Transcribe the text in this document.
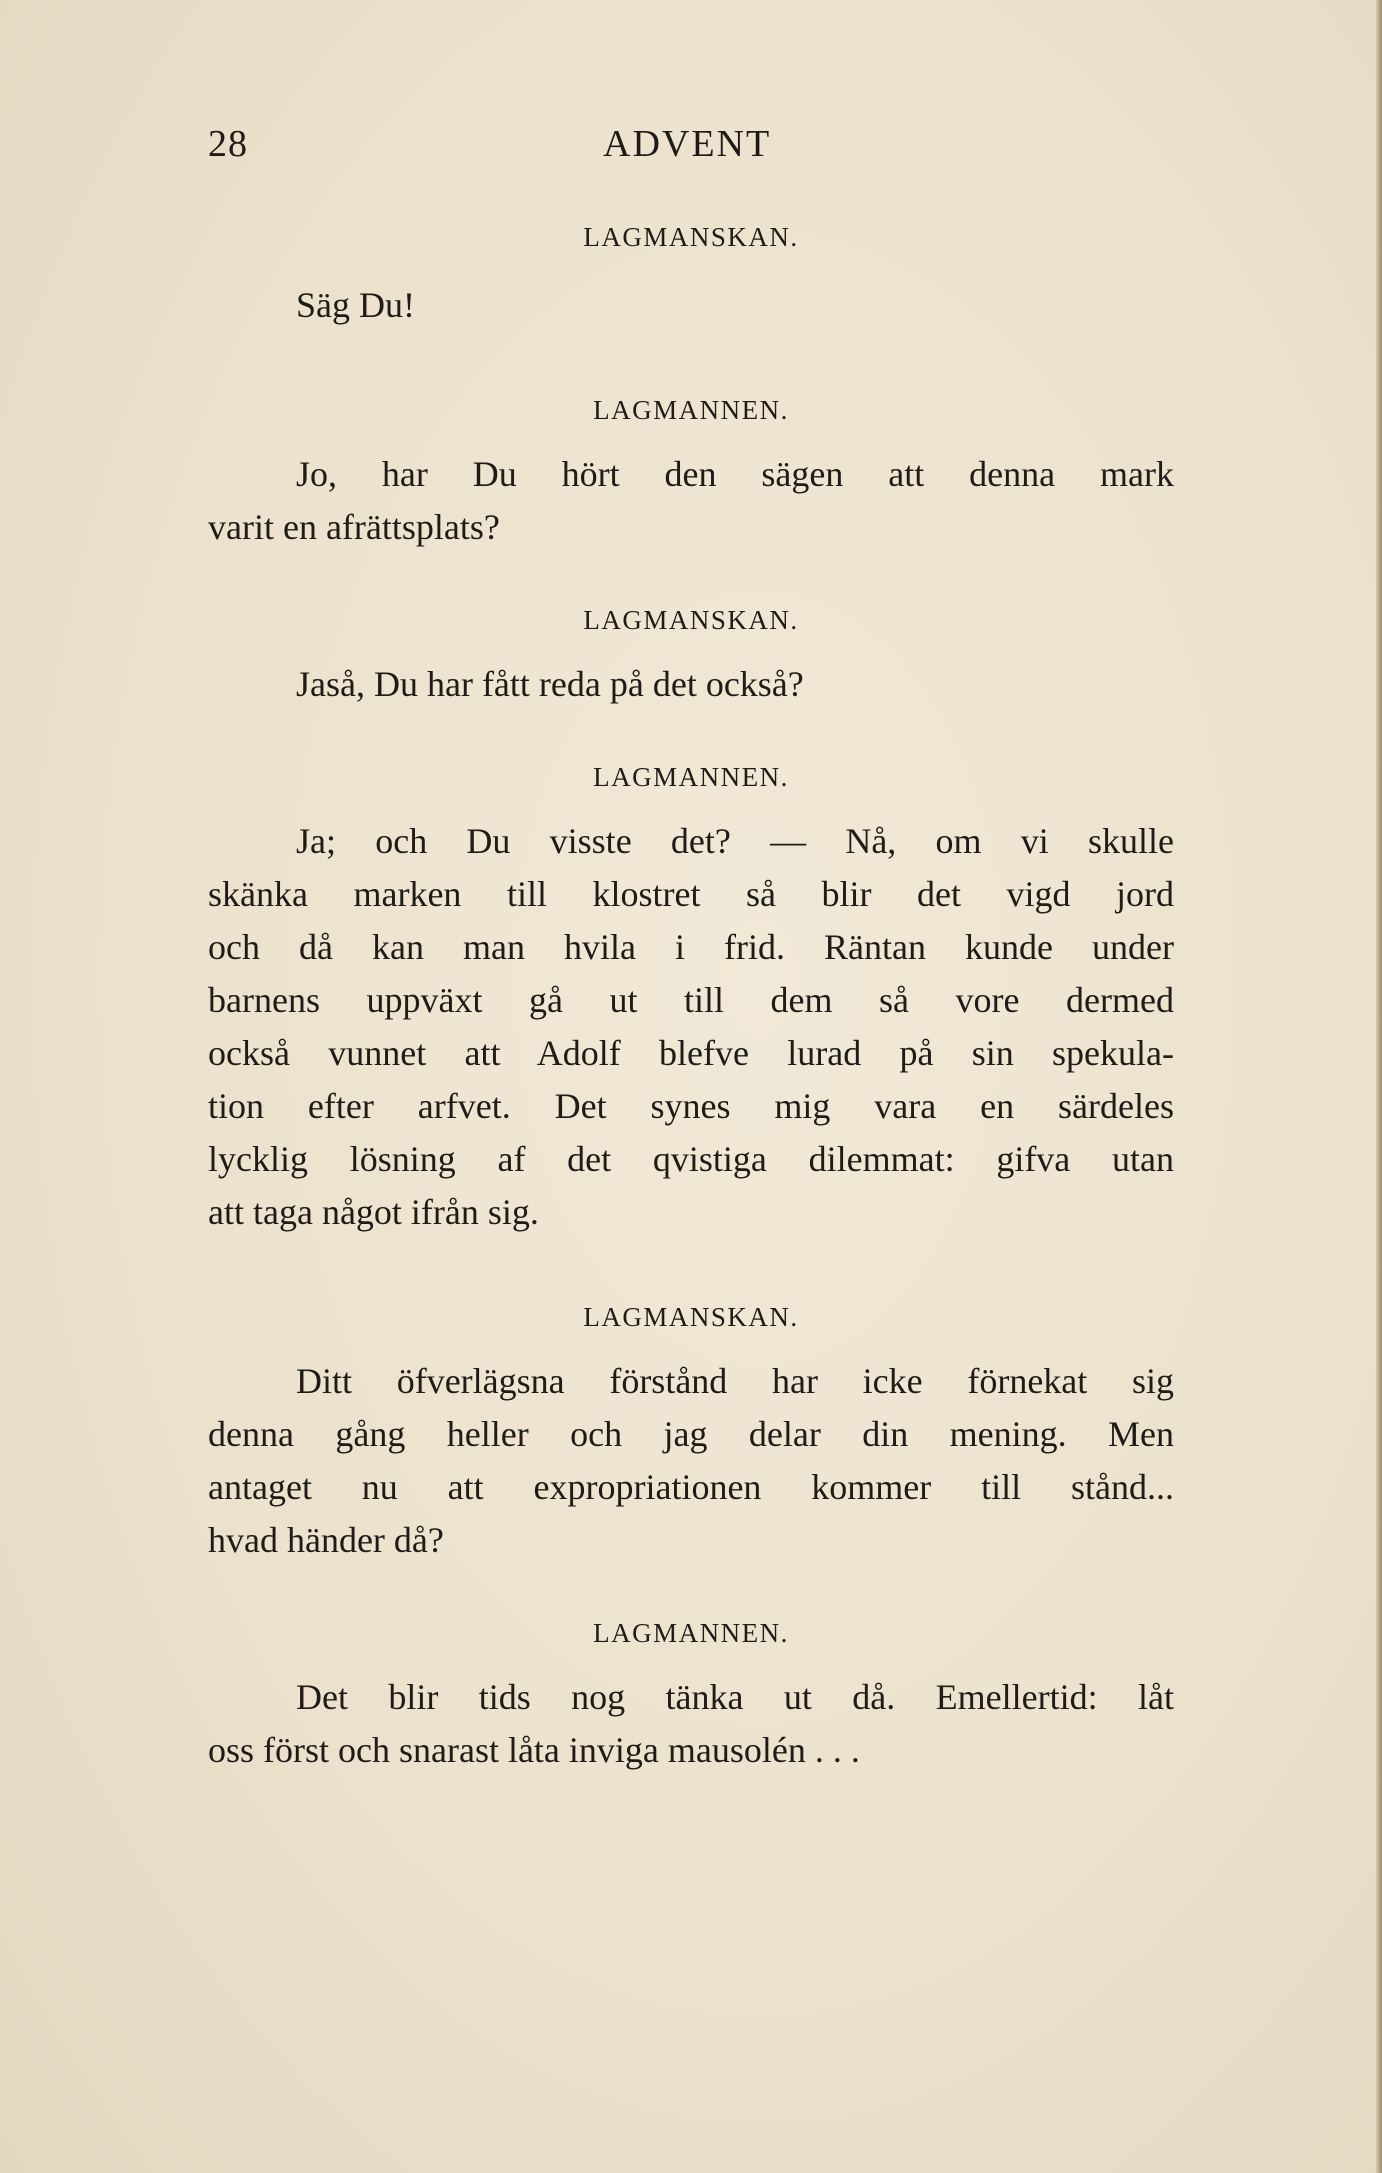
28	ADVENT

LAGMANSKAN.

Säg Du!

LAGMANNEN.

Jo, har Du hört den sägen att denna mark

varit en afrättsplats?

LAGMANSKAN.

Jaså, Du har fått reda på det också?

LAGMANNEN.

Ja; och Du visste det? — Nå, om vi skulle

skänka marken till klostret så blir det vigd jord

och då kan man hvila i frid. Räntan kunde under

barnens uppväxt gå ut till dem så vore dermed

också vunnet att Adolf blefve lurad på sin spekula-

tion efter arfvet. Det synes mig vara en särdeles

lycklig lösning af det qvistiga dilemmat: gifva utan

att taga något ifrån sig.

LAGMANSKAN.

Ditt öfverlägsna förstånd har icke förnekat sig

denna gång heller och jag delar din mening. Men

antaget nu att expropriationen kommer till stånd...

hvad händer då?

LAGMANNEN.

Det blir tids nog tänka ut då. Emellertid: låt

oss först och snarast låta inviga mausolén . . .
